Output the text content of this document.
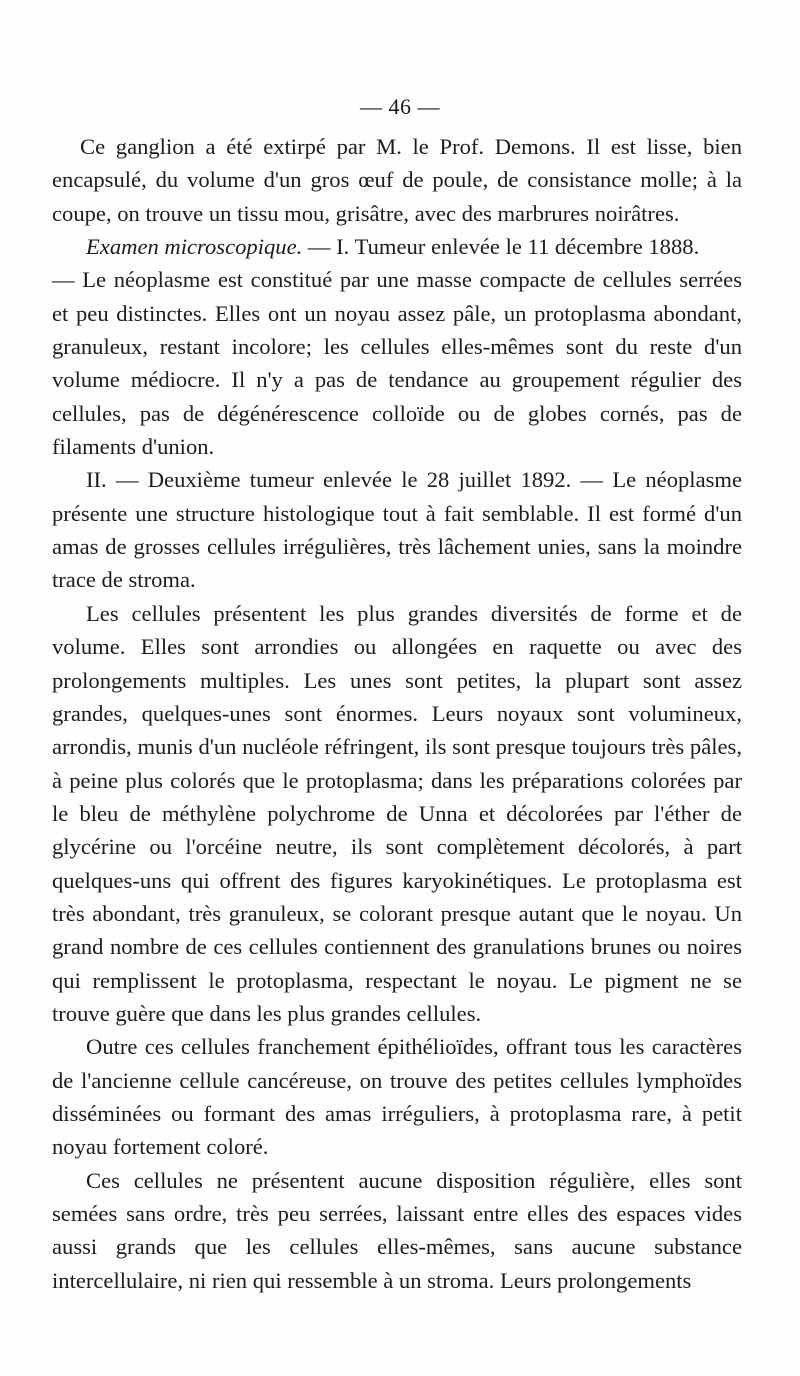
— 46 —

Ce ganglion a été extirpé par M. le Prof. Demons. Il est lisse, bien encapsulé, du volume d'un gros œuf de poule, de consistance molle; à la coupe, on trouve un tissu mou, grisâtre, avec des marbrures noirâtres.

Examen microscopique. — I. Tumeur enlevée le 11 décembre 1888.

— Le néoplasme est constitué par une masse compacte de cellules serrées et peu distinctes. Elles ont un noyau assez pâle, un protoplasma abondant, granuleux, restant incolore; les cellules elles-mêmes sont du reste d'un volume médiocre. Il n'y a pas de tendance au groupement régulier des cellules, pas de dégénérescence colloïde ou de globes cornés, pas de filaments d'union.

II. — Deuxième tumeur enlevée le 28 juillet 1892. — Le néoplasme présente une structure histologique tout à fait semblable. Il est formé d'un amas de grosses cellules irrégulières, très lâchement unies, sans la moindre trace de stroma.

Les cellules présentent les plus grandes diversités de forme et de volume. Elles sont arrondies ou allongées en raquette ou avec des prolongements multiples. Les unes sont petites, la plupart sont assez grandes, quelques-unes sont énormes. Leurs noyaux sont volumineux, arrondis, munis d'un nucléole réfringent, ils sont presque toujours très pâles, à peine plus colorés que le protoplasma; dans les préparations colorées par le bleu de méthylène polychrome de Unna et décolorées par l'éther de glycérine ou l'orcéine neutre, ils sont complètement décolorés, à part quelques-uns qui offrent des figures karyokinétiques. Le protoplasma est très abondant, très granuleux, se colorant presque autant que le noyau. Un grand nombre de ces cellules contiennent des granulations brunes ou noires qui remplissent le protoplasma, respectant le noyau. Le pigment ne se trouve guère que dans les plus grandes cellules.

Outre ces cellules franchement épithélioïdes, offrant tous les caractères de l'ancienne cellule cancéreuse, on trouve des petites cellules lymphoïdes disséminées ou formant des amas irréguliers, à protoplasma rare, à petit noyau fortement coloré.

Ces cellules ne présentent aucune disposition régulière, elles sont semées sans ordre, très peu serrées, laissant entre elles des espaces vides aussi grands que les cellules elles-mêmes, sans aucune substance intercellulaire, ni rien qui ressemble à un stroma. Leurs prolongements
